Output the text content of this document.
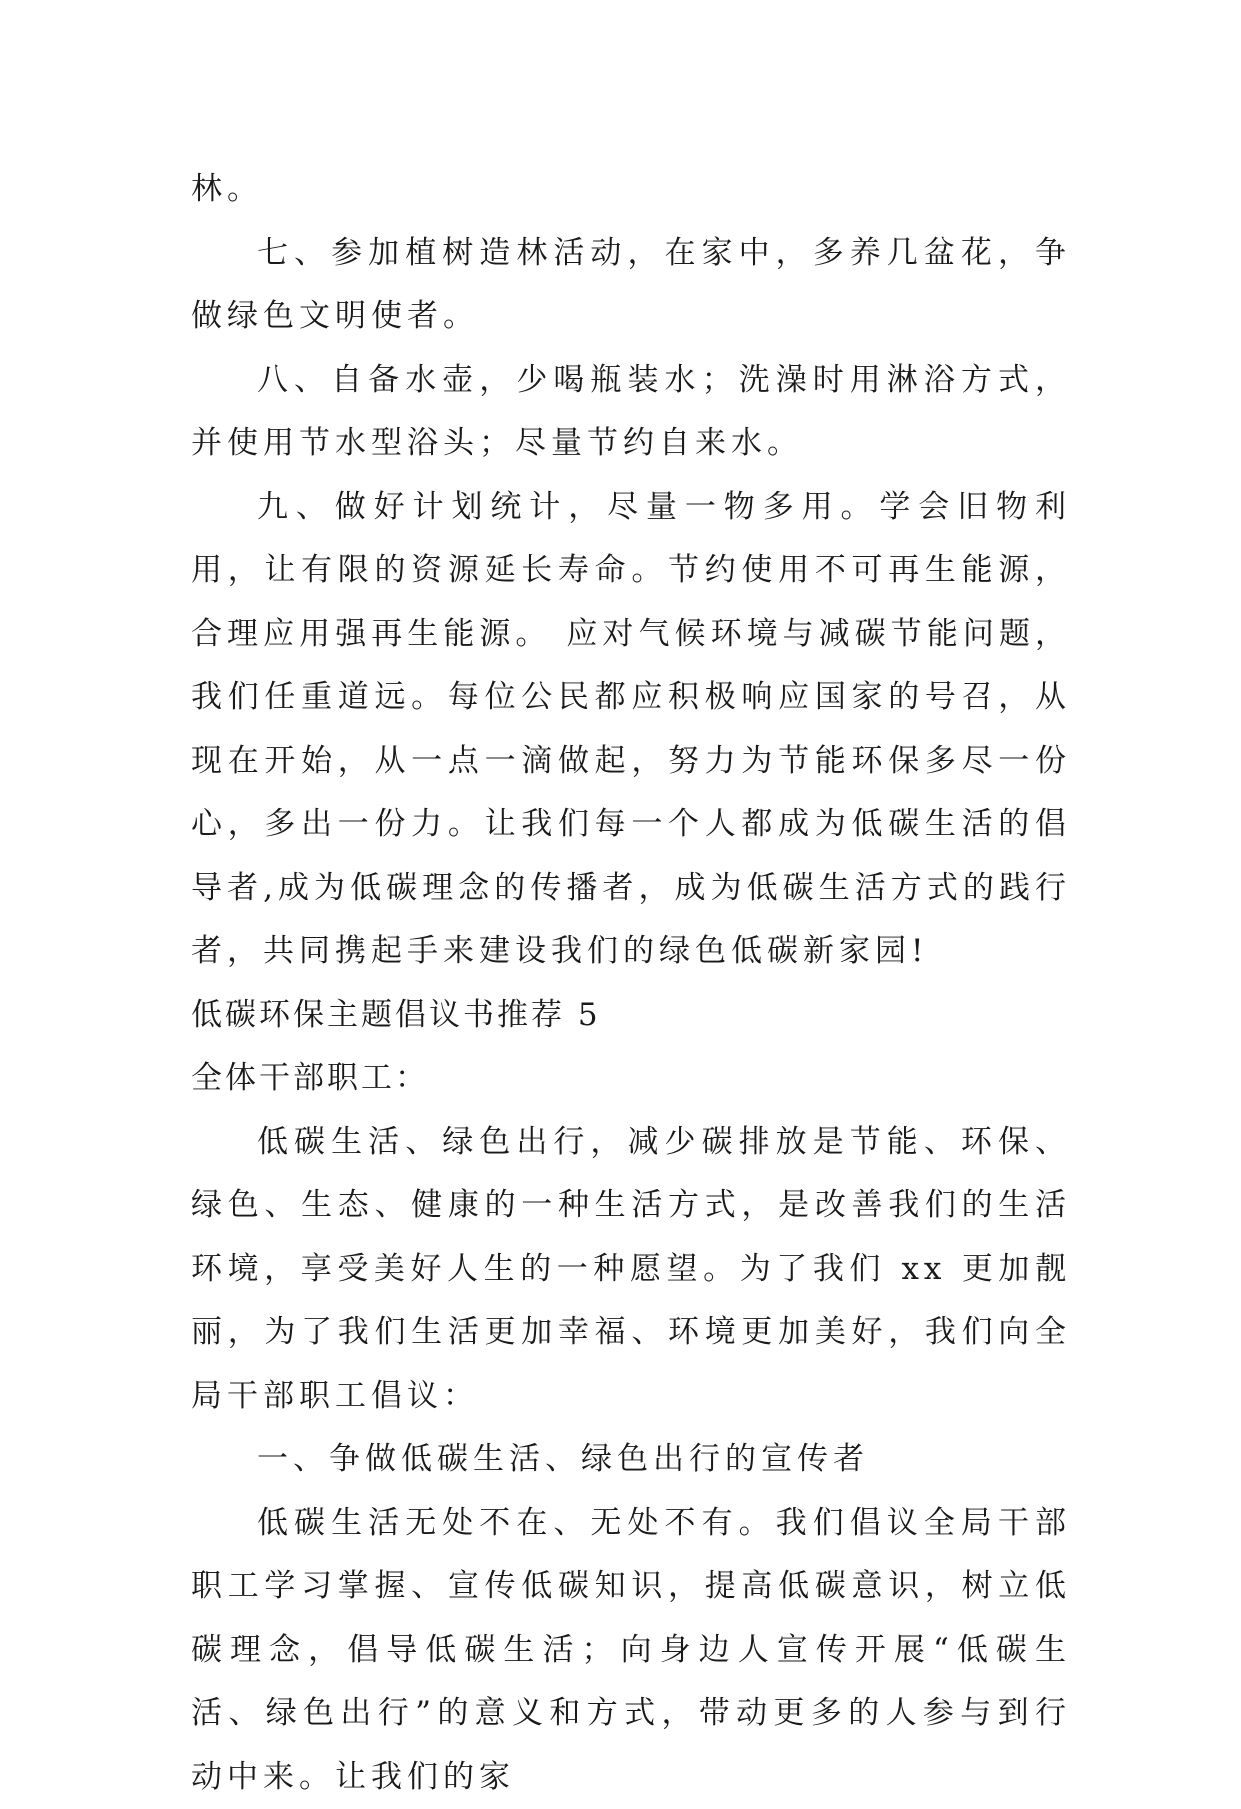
林。

七、参加植树造林活动，在家中，多养几盆花，争做绿色文明使者。

八、自备水壶，少喝瓶装水；洗澡时用淋浴方式，并使用节水型浴头；尽量节约自来水。

九、做好计划统计，尽量一物多用。学会旧物利用，让有限的资源延长寿命。节约使用不可再生能源，合理应用强再生能源。 应对气候环境与减碳节能问题，我们任重道远。每位公民都应积极响应国家的号召，从现在开始，从一点一滴做起，努力为节能环保多尽一份心，多出一份力。让我们每一个人都成为低碳生活的倡导者,成为低碳理念的传播者，成为低碳生活方式的践行者，共同携起手来建设我们的绿色低碳新家园!

低碳环保主题倡议书推荐 5

全体干部职工：

低碳生活、绿色出行，减少碳排放是节能、环保、绿色、生态、健康的一种生活方式，是改善我们的生活环境，享受美好人生的一种愿望。为了我们 xx 更加靓丽，为了我们生活更加幸福、环境更加美好，我们向全局干部职工倡议：

一、争做低碳生活、绿色出行的宣传者

低碳生活无处不在、无处不有。我们倡议全局干部职工学习掌握、宣传低碳知识，提高低碳意识，树立低碳理念，倡导低碳生活；向身边人宣传开展“低碳生活、绿色出行”的意义和方式，带动更多的人参与到行动中来。让我们的家
